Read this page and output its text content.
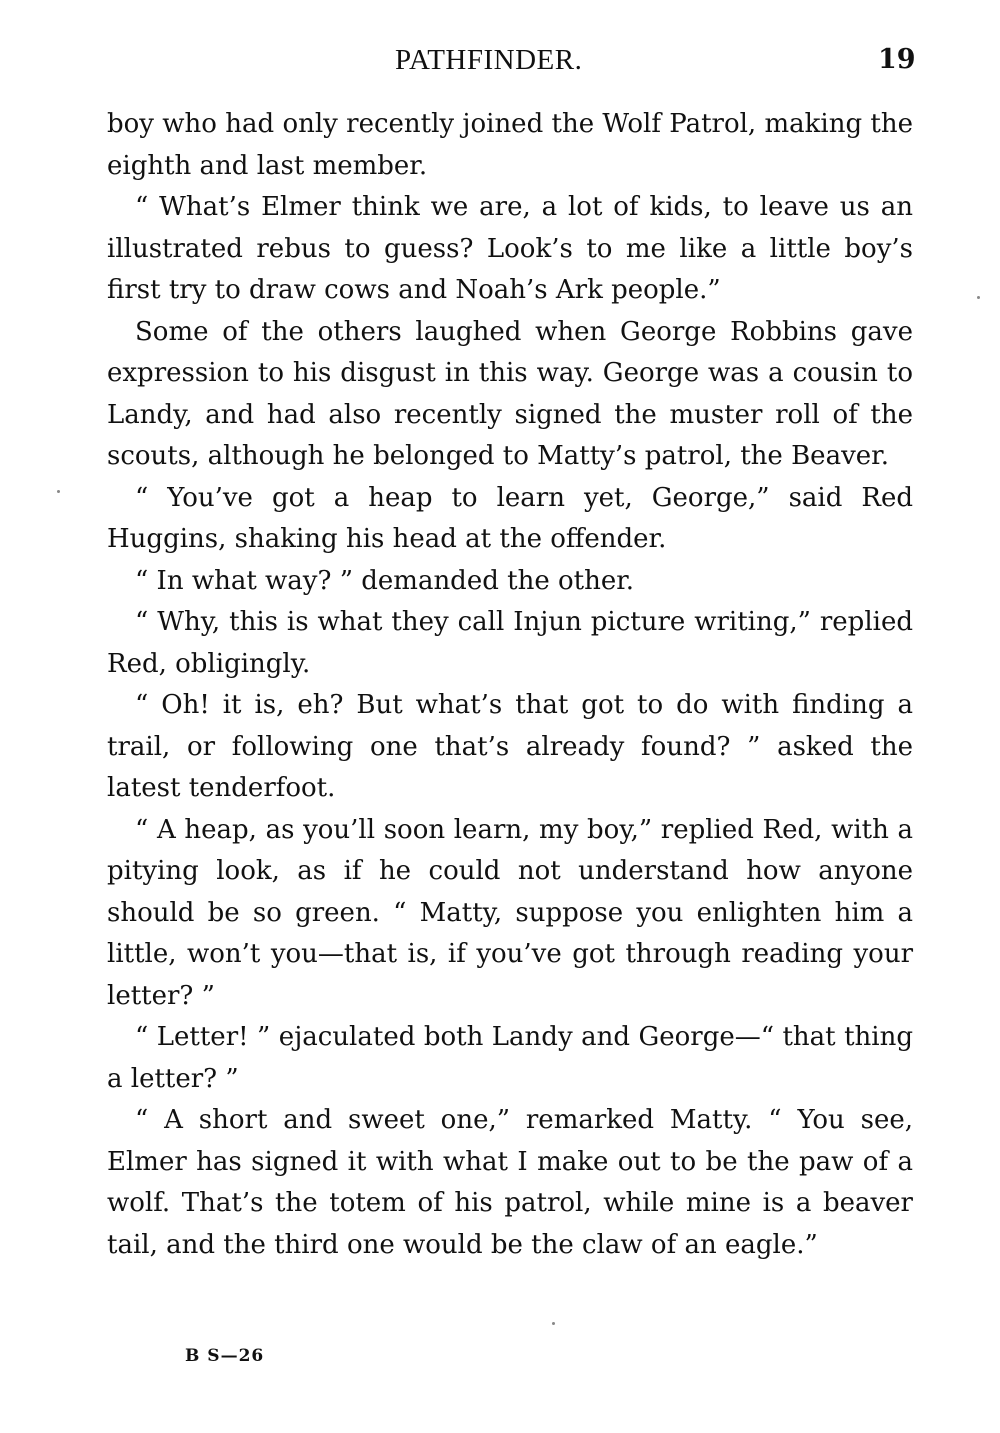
PATHFINDER.	19

boy who had only recently joined the Wolf Patrol, making the eighth and last member.

“ What’s Elmer think we are, a lot of kids, to leave us an illustrated rebus to guess? Look’s to me like a little boy’s first try to draw cows and Noah’s Ark people.”

Some of the others laughed when George Robbins gave expression to his disgust in this way. George was a cousin to Landy, and had also recently signed the muster roll of the scouts, although he belonged to Matty’s patrol, the Beaver.

“ You’ve got a heap to learn yet, George,” said Red Huggins, shaking his head at the offender.

“ In what way? ” demanded the other.

“ Why, this is what they call Injun picture writing,” replied Red, obligingly.

“ Oh! it is, eh? But what’s that got to do with finding a trail, or following one that’s already found? ” asked the latest tenderfoot.

“ A heap, as you’ll soon learn, my boy,” replied Red, with a pitying look, as if he could not understand how anyone should be so green. “ Matty, suppose you enlighten him a little, won’t you—that is, if you’ve got through reading your letter? ”

“ Letter! ” ejaculated both Landy and George—“ that thing a letter? ”

“ A short and sweet one,” remarked Matty. “ You see, Elmer has signed it with what I make out to be the paw of a wolf. That’s the totem of his patrol, while mine is a beaver tail, and the third one would be the claw of an eagle.”

B S—26
